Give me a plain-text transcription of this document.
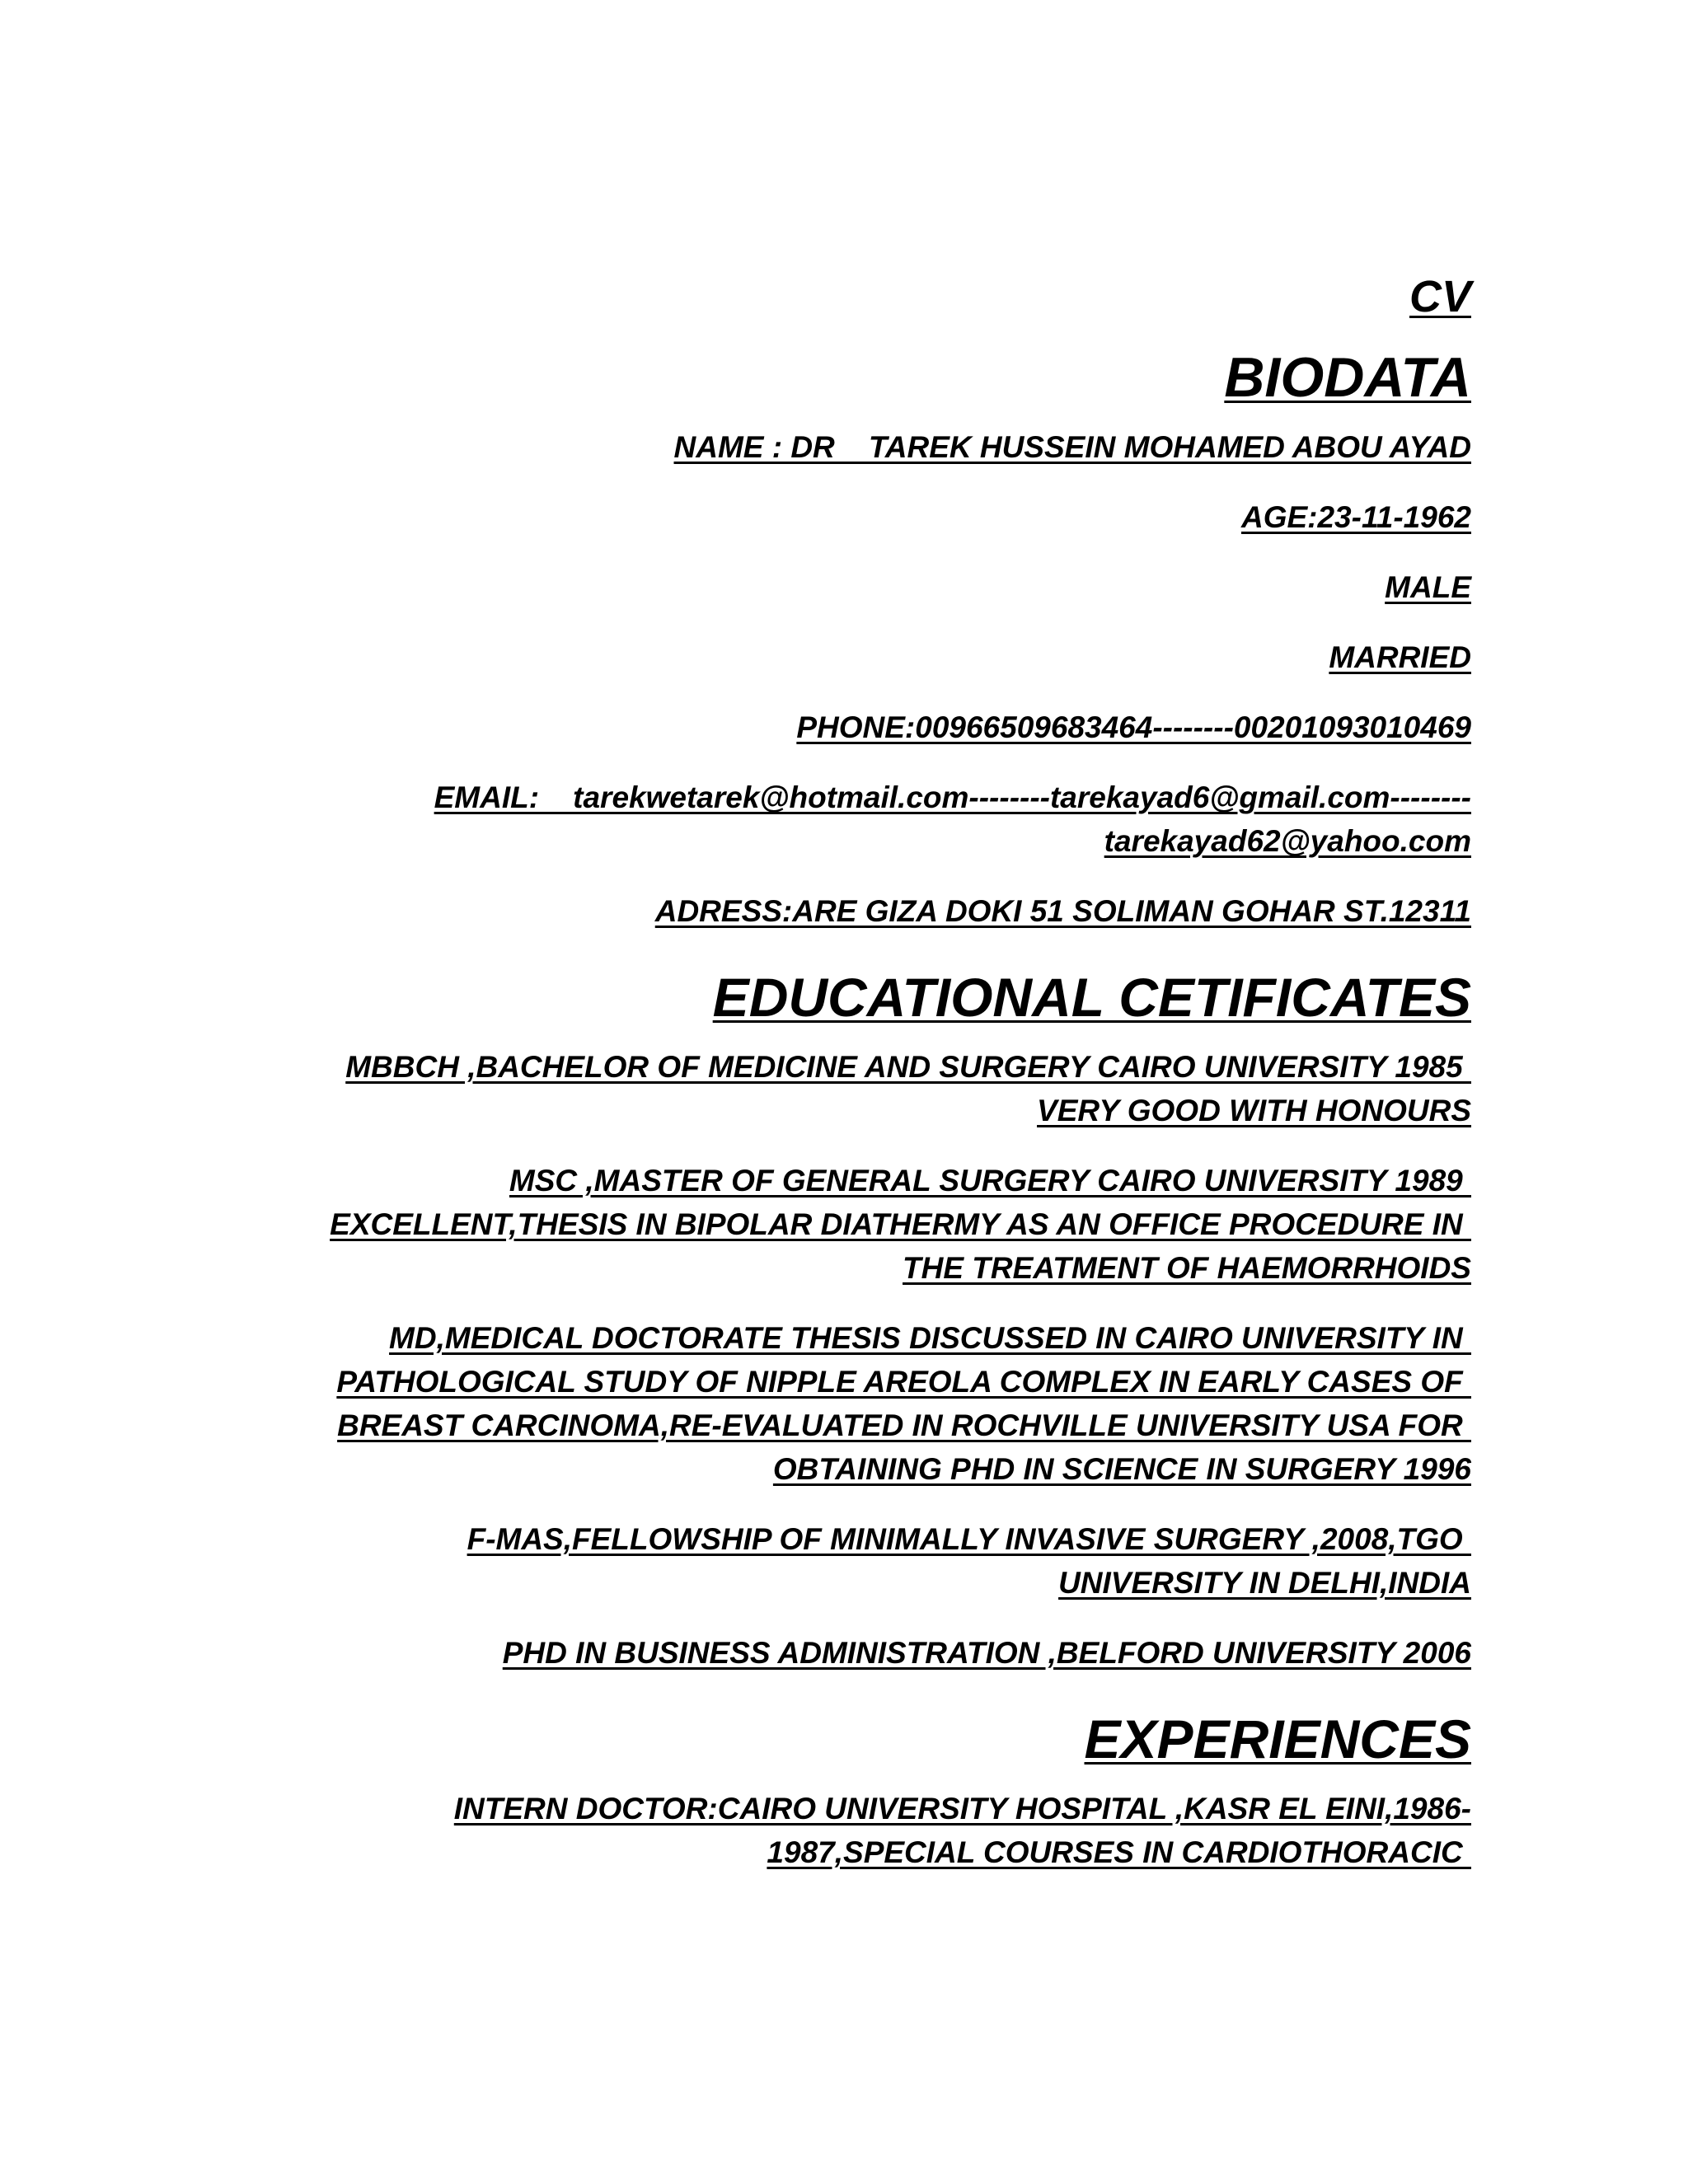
CV
BIODATA
NAME : DR    TAREK HUSSEIN MOHAMED ABOU AYAD
AGE:23-11-1962
MALE
MARRIED
PHONE:00966509683464--------00201093010469
EMAIL:    tarekwetarek@hotmail.com--------tarekayad6@gmail.com--------
tarekayad62@yahoo.com
ADRESS:ARE GIZA DOKI 51 SOLIMAN GOHAR ST.12311
EDUCATIONAL CETIFICATES
MBBCH ,BACHELOR OF MEDICINE AND SURGERY CAIRO UNIVERSITY 1985
VERY GOOD WITH HONOURS
MSC ,MASTER OF GENERAL SURGERY CAIRO UNIVERSITY 1989
EXCELLENT,THESIS IN BIPOLAR DIATHERMY AS AN OFFICE PROCEDURE IN
THE TREATMENT OF HAEMORRHOIDS
MD,MEDICAL DOCTORATE THESIS DISCUSSED IN CAIRO UNIVERSITY IN
PATHOLOGICAL STUDY OF NIPPLE AREOLA COMPLEX IN EARLY CASES OF
BREAST CARCINOMA,RE-EVALUATED IN ROCHVILLE UNIVERSITY USA FOR
OBTAINING PHD IN SCIENCE IN SURGERY 1996
F-MAS,FELLOWSHIP OF MINIMALLY INVASIVE SURGERY ,2008,TGO
UNIVERSITY IN DELHI,INDIA
PHD IN BUSINESS ADMINISTRATION ,BELFORD UNIVERSITY 2006
EXPERIENCES
INTERN DOCTOR:CAIRO UNIVERSITY HOSPITAL ,KASR EL EINI,1986-
1987,SPECIAL COURSES IN CARDIOTHORACIC
